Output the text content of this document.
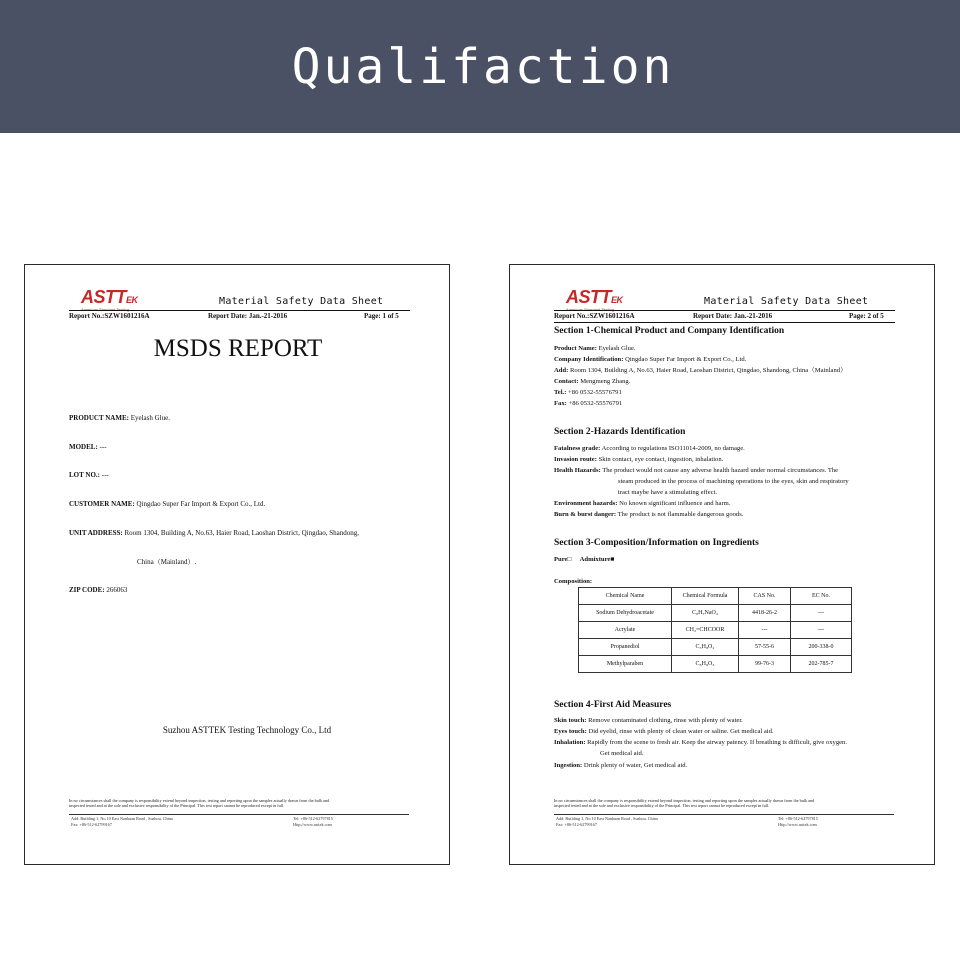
Qualifaction
ASTTEK
American Standard Testing
Material Safety Data Sheet
Report No.:SZW1601216A	Report Date: Jan.-21-2016	Page: 1 of 5
MSDS REPORT
PRODUCT NAME: Eyelash Glue.
MODEL: ---
LOT NO.: ---
CUSTOMER NAME: Qingdao Super Far Import & Export Co., Ltd.
UNIT ADDRESS: Room 1304, Building A, No.63, Haier Road, Laoshan District, Qingdao, Shandong,
China（Mainland）.
ZIP CODE: 266063
Suzhou ASTTEK Testing Technology Co., Ltd
In no circumstances shall the company is responsibility extend beyond inspection, testing and reporting upon the samples actually drawn from the bulk and
inspected tested and at the sole and exclusive responsibility of the Principal. This test report cannot be reproduced except in full.
Add: Building 1, No.10 East Nanhuan Road , Suzhou, China
Fax: +86-512-62799167
Tel: +86-512-62797815
Http://www.asttek.com
ASTTEK
American Standard Testing
Material Safety Data Sheet
Report No.:SZW1601216A	Report Date: Jan.-21-2016	Page: 2 of 5
Section 1-Chemical Product and Company Identification
Product Name: Eyelash Glue.
Company Identification: Qingdao Super Far Import & Export Co., Ltd.
Add: Room 1304, Building A, No.63, Haier Road, Laoshan District, Qingdao, Shandong, China（Mainland）
Contact: Mengmeng Zhang.
Tel.: +86 0532-55576791
Fax: +86 0532-55576791
Section 2-Hazards Identification
Fatalness grade: According to regulations ISO11014-2009, no damage.
Invasion route: Skin contact, eye contact, ingestion, inhalation.
Health Hazards: The product would not cause any adverse health hazard under normal circumstances. The
steam produced in the process of machining operations to the eyes, skin and respiratory
tract maybe have a stimulating effect.
Environment hazards: No known significant influence and harm.
Burn & burst danger: The product is not flammable dangerous goods.
Section 3-Composition/Information on Ingredients
Pure□ Admixture■
Composition:
Chemical Name	Chemical Formula	CAS No.	EC No.
Sodium Dehydroacetate	C₈H₇NaO₄	4418-26-2	---
Acrylate	CH₂=CHCOOR	---	---
Propanediol	C₃H₈O₂	57-55-6	200-338-0
Methylparaben	C₈H₈O₃	99-76-3	202-785-7
Section 4-First Aid Measures
Skin touch: Remove contaminated clothing, rinse with plenty of water.
Eyes touch: Did eyelid, rinse with plenty of clean water or saline. Get medical aid.
Inhalation: Rapidly from the scene to fresh air. Keep the airway patency. If breathing is difficult, give oxygen.
Get medical aid.
Ingestion: Drink plenty of water, Get medical aid.
In no circumstances shall the company is responsibility extend beyond inspection, testing and reporting upon the samples actually drawn from the bulk and
inspected tested and at the sole and exclusive responsibility of the Principal. This test report cannot be reproduced except in full.
Add: Building 1, No.10 East Nanhuan Road , Suzhou, China
Fax: +86-512-62799167
Tel: +86-512-62797815
Http://www.asttek.com
